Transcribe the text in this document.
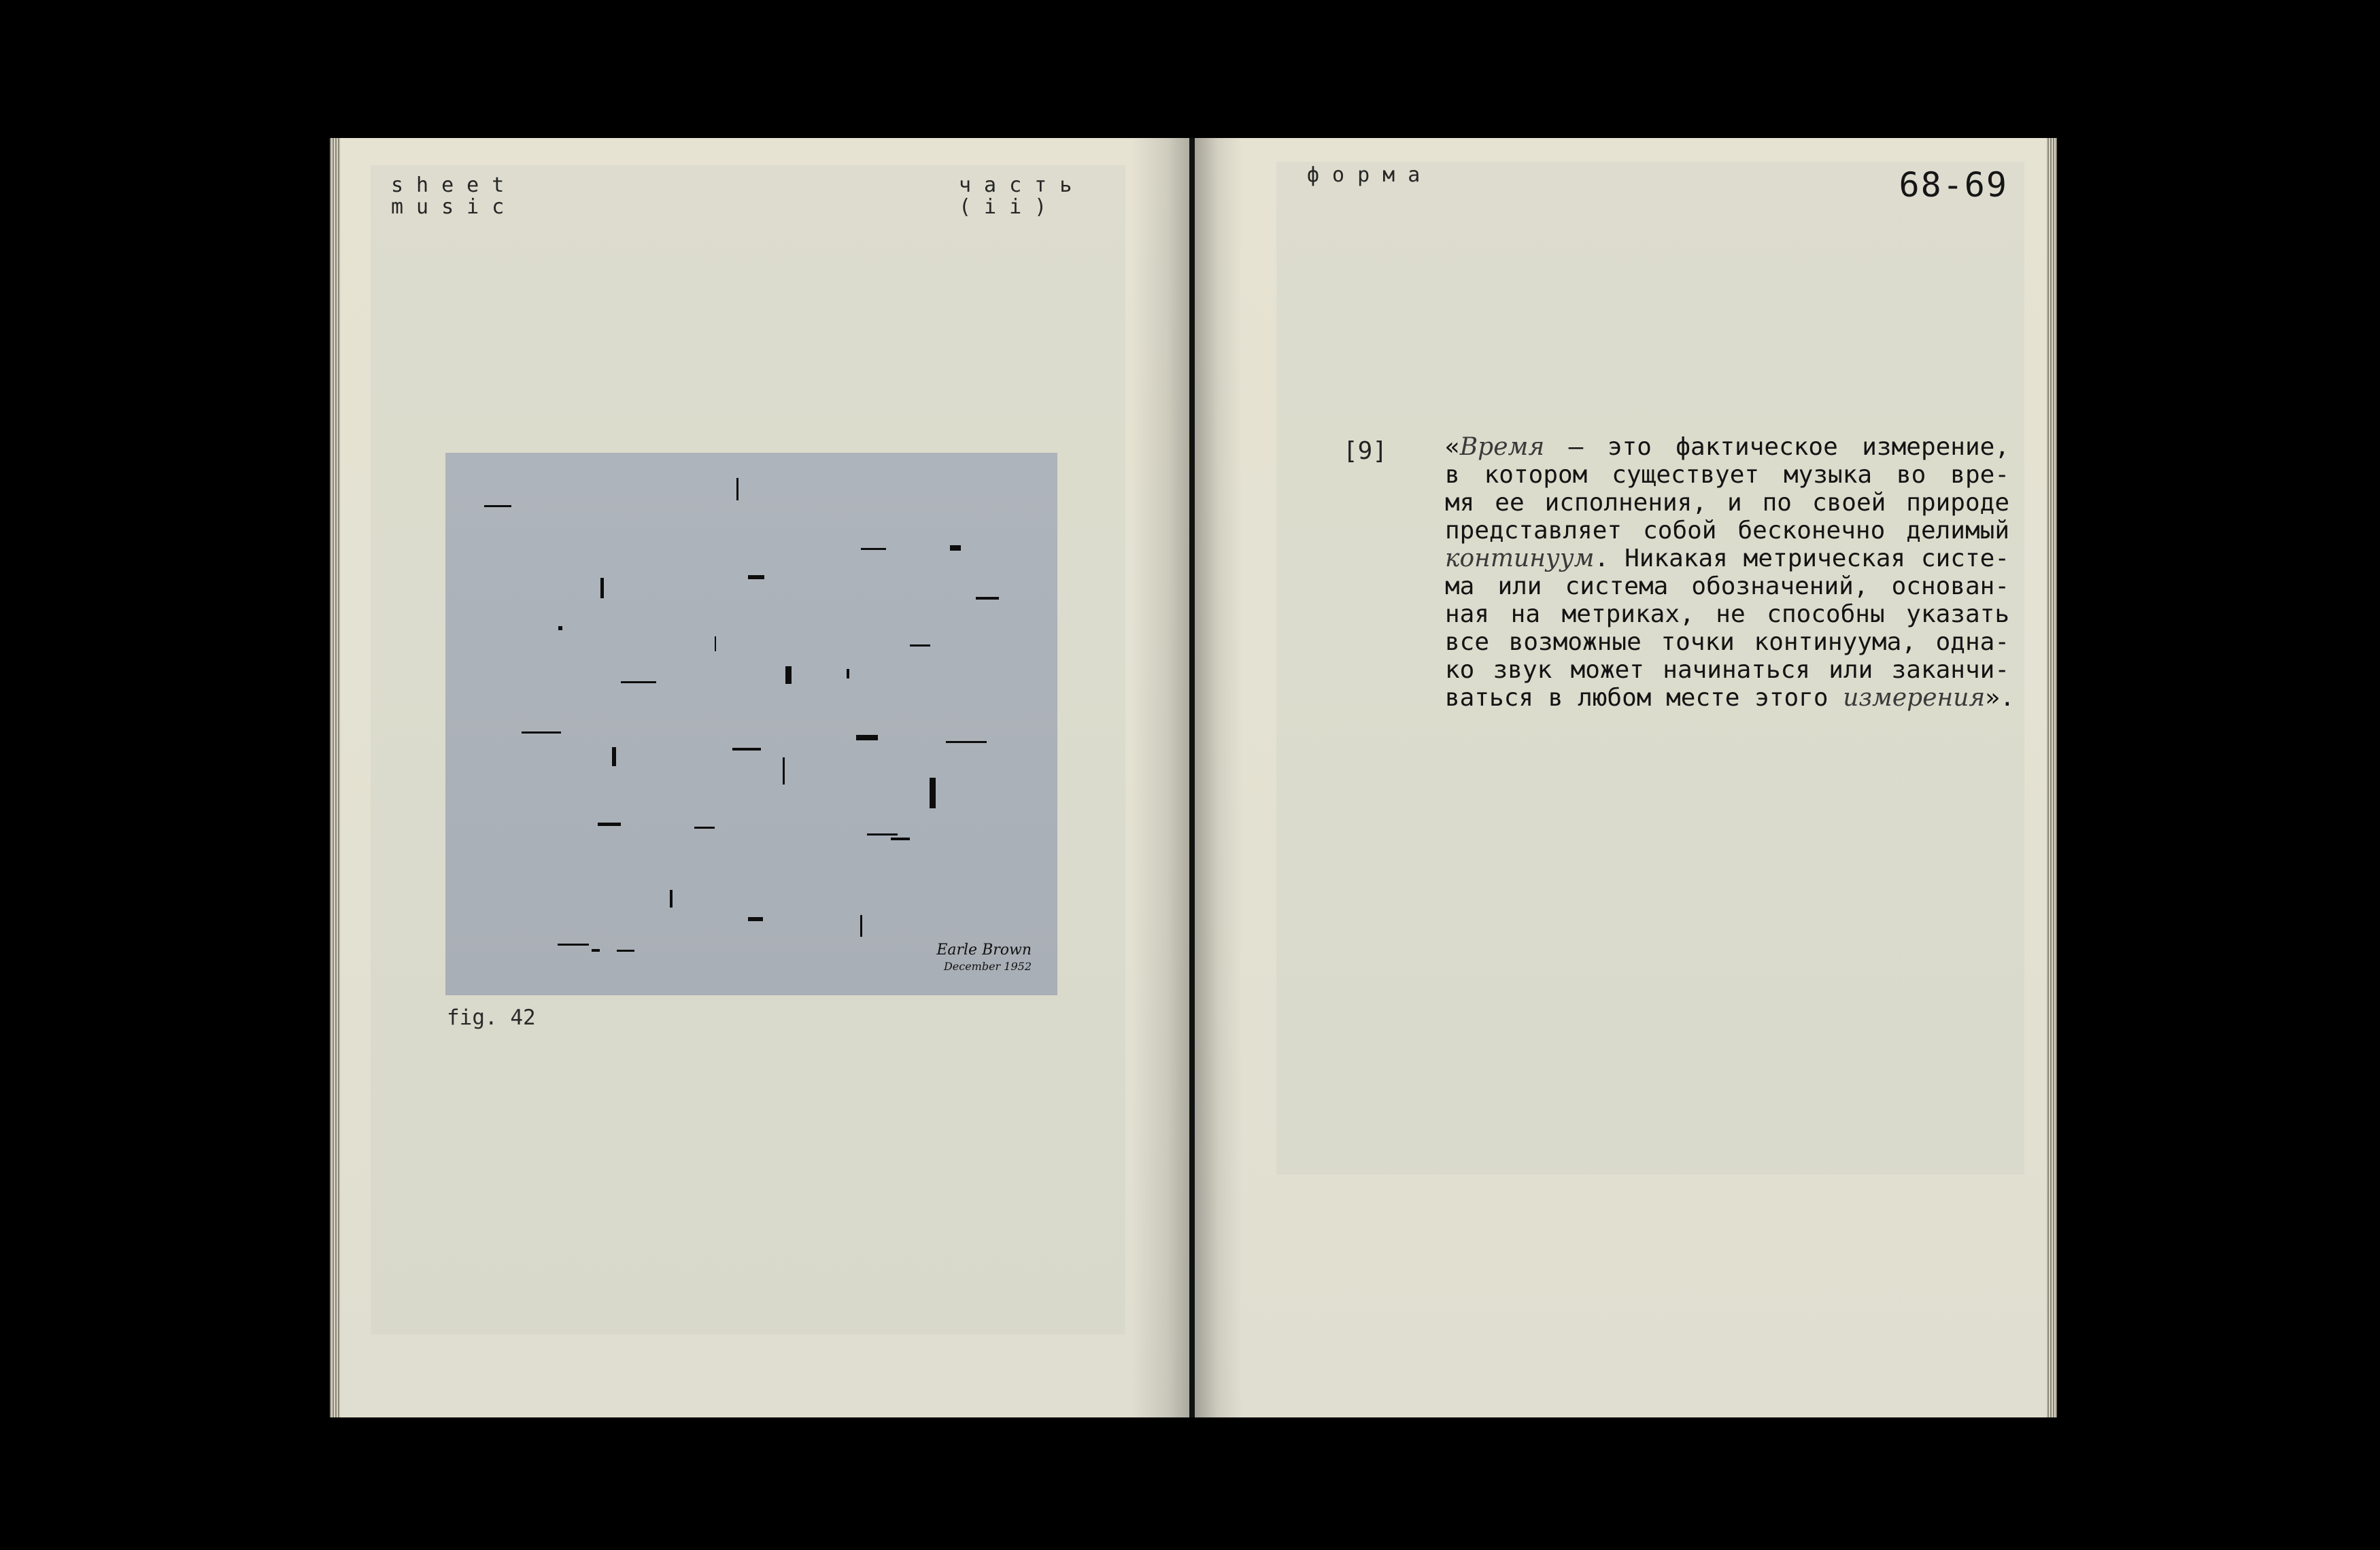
sheet
music
часть
(ii)
Earle Brown
December 1952
fig. 42
форма	68-69
[9] «Время — это фактическое измерение,
в котором существует музыка во вре-
мя ее исполнения, и по своей природе
представляет собой бесконечно делимый
континуум. Никакая метрическая систе-
ма или система обозначений, основан-
ная на метриках, не способны указать
все возможные точки континуума, одна-
ко звук может начинаться или заканчи-
ваться в любом месте этого измерения».
